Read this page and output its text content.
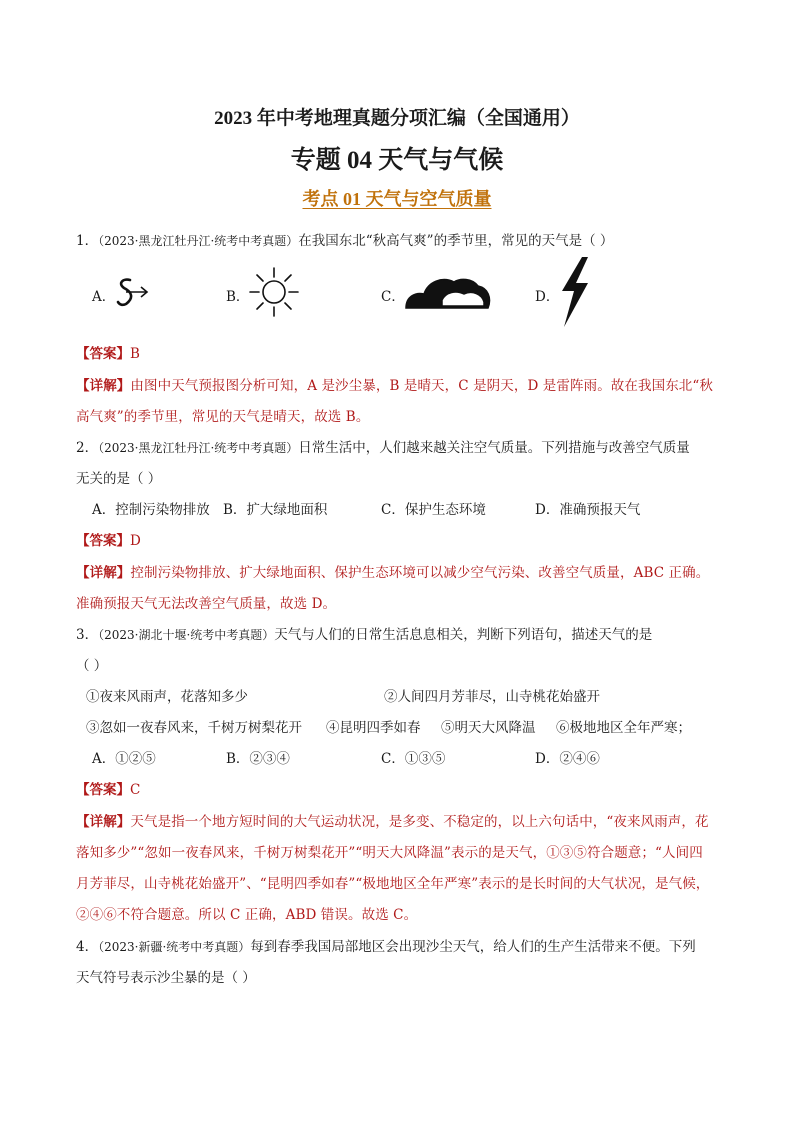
2023 年中考地理真题分项汇编（全国通用）
专题 04 天气与气候
考点 01 天气与空气质量
1．（2023·黑龙江牡丹江·统考中考真题）在我国东北“秋高气爽”的季节里，常见的天气是（ ）
A．	B．	C．	D．
【答案】B
【详解】由图中天气预报图分析可知，A 是沙尘暴，B 是晴天，C 是阴天，D 是雷阵雨。故在我国东北“秋
高气爽”的季节里，常见的天气是晴天，故选 B。
2．（2023·黑龙江牡丹江·统考中考真题）日常生活中，人们越来越关注空气质量。下列措施与改善空气质量
无关的是（ ）
A．控制污染物排放 B．扩大绿地面积	C．保护生态环境	D．准确预报天气
【答案】D
【详解】控制污染物排放、扩大绿地面积、保护生态环境可以减少空气污染、改善空气质量，ABC 正确。
准确预报天气无法改善空气质量，故选 D。
3．（2023·湖北十堰·统考中考真题）天气与人们的日常生活息息相关，判断下列语句，描述天气的是
（ ）
①夜来风雨声，花落知多少	②人间四月芳菲尽，山寺桃花始盛开
③忽如一夜春风来，千树万树梨花开 ④昆明四季如春 ⑤明天大风降温 ⑥极地地区全年严寒；
A．①②⑤	B．②③④	C．①③⑤	D．②④⑥
【答案】C
【详解】天气是指一个地方短时间的大气运动状况，是多变、不稳定的，以上六句话中，“夜来风雨声，花
落知多少”“忽如一夜春风来，千树万树梨花开”“明天大风降温”表示的是天气，①③⑤符合题意；“人间四
月芳菲尽，山寺桃花始盛开”、“昆明四季如春”“极地地区全年严寒”表示的是长时间的大气状况，是气候，
②④⑥不符合题意。所以 C 正确，ABD 错误。故选 C。
4．（2023·新疆·统考中考真题）每到春季我国局部地区会出现沙尘天气，给人们的生产生活带来不便。下列
天气符号表示沙尘暴的是（ ）
